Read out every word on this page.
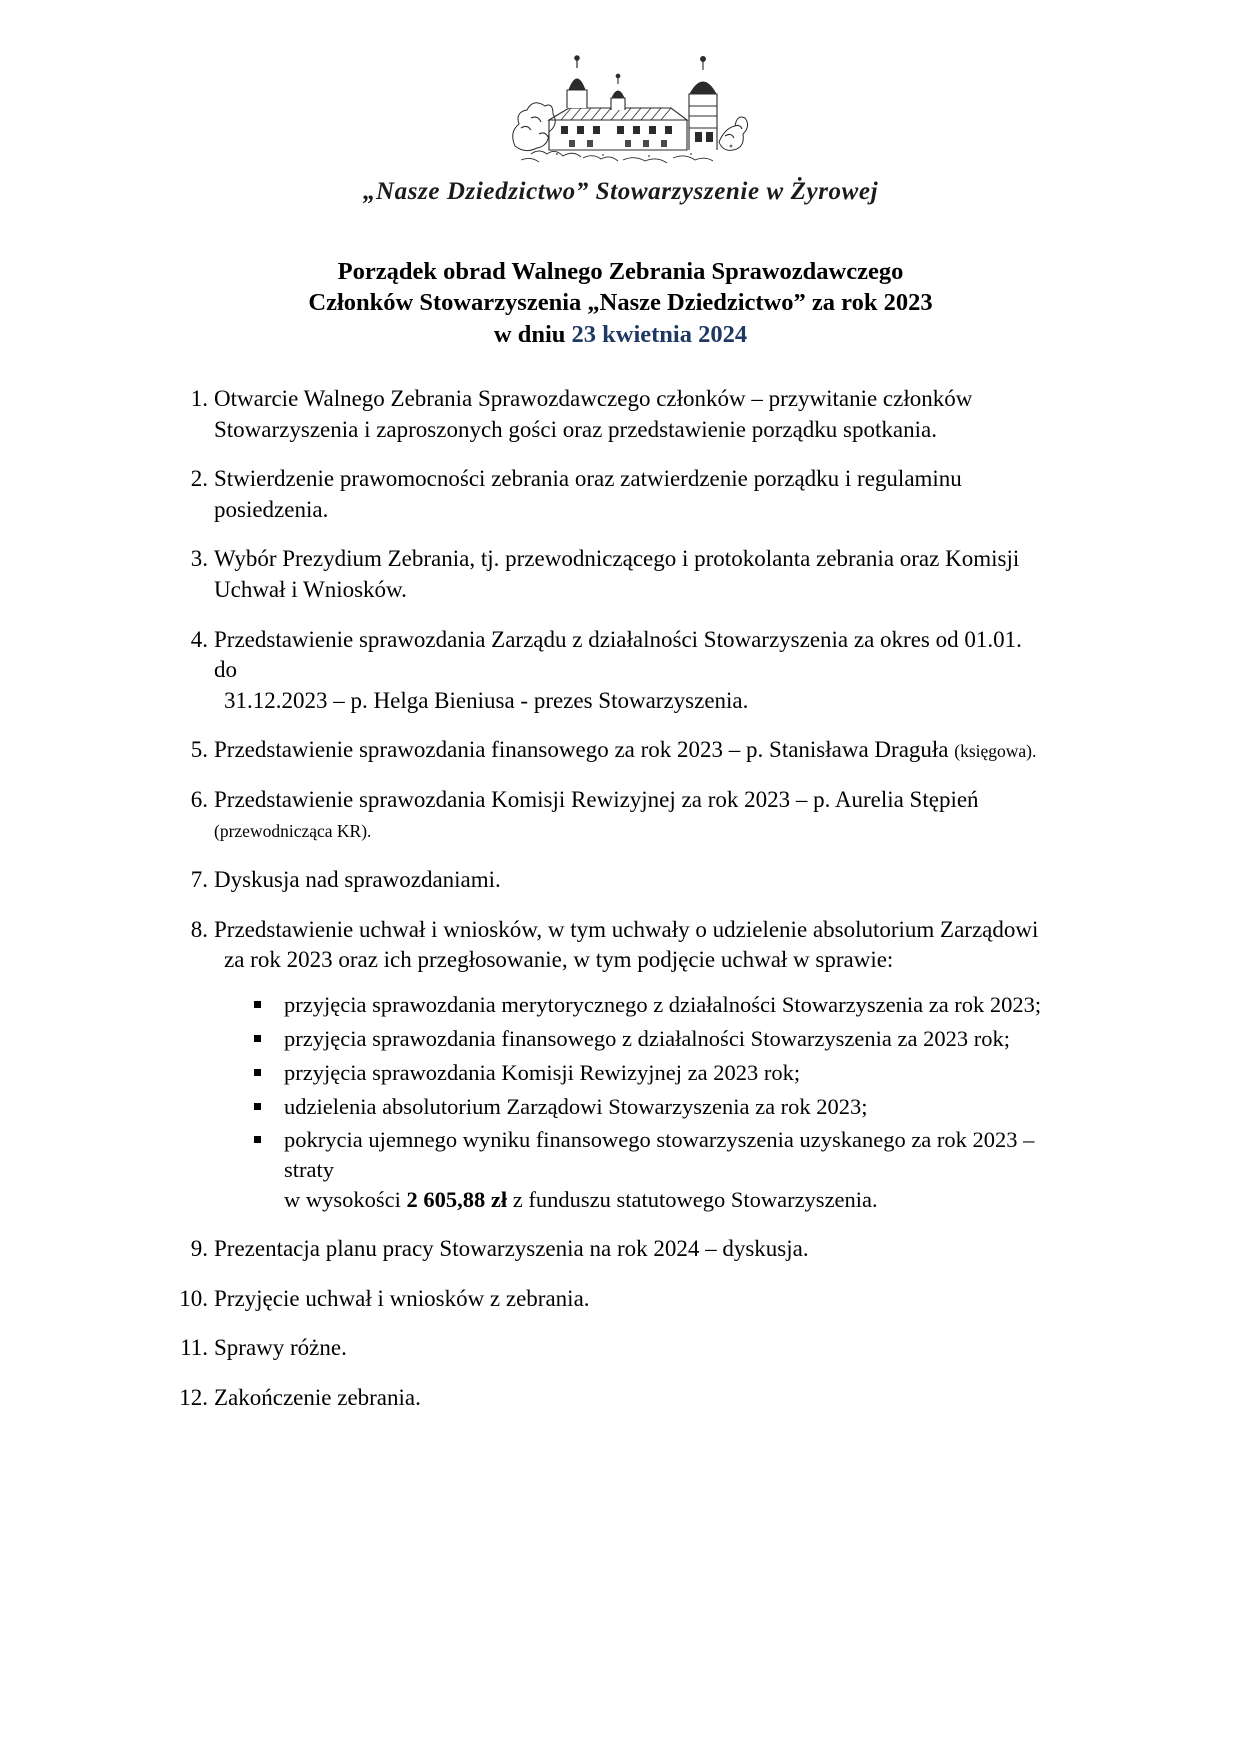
„Nasze Dziedzictwo” Stowarzyszenie w Żyrowej
Porządek obrad Walnego Zebrania Sprawozdawczego
Członków Stowarzyszenia „Nasze Dziedzictwo” za rok 2023
w dniu 23 kwietnia 2024
1. Otwarcie Walnego Zebrania Sprawozdawczego członków – przywitanie członków Stowarzyszenia i zaproszonych gości oraz przedstawienie porządku spotkania.
2. Stwierdzenie prawomocności zebrania oraz zatwierdzenie porządku i regulaminu posiedzenia.
3. Wybór Prezydium Zebrania, tj. przewodniczącego i protokolanta zebrania oraz Komisji Uchwał i Wniosków.
4. Przedstawienie sprawozdania Zarządu z działalności Stowarzyszenia za okres od 01.01. do
31.12.2023 – p. Helga Bieniusa - prezes Stowarzyszenia.
5. Przedstawienie sprawozdania finansowego za rok 2023 – p. Stanisława Draguła (księgowa).
6. Przedstawienie sprawozdania Komisji Rewizyjnej za rok 2023 – p. Aurelia Stępień (przewodnicząca KR).
7. Dyskusja nad sprawozdaniami.
8. Przedstawienie uchwał i wniosków, w tym uchwały o udzielenie absolutorium Zarządowi
za rok 2023 oraz ich przegłosowanie, w tym podjęcie uchwał w sprawie:
przyjęcia sprawozdania merytorycznego z działalności Stowarzyszenia za rok 2023;
przyjęcia sprawozdania finansowego z działalności Stowarzyszenia za 2023 rok;
przyjęcia sprawozdania Komisji Rewizyjnej za 2023 rok;
udzielenia absolutorium Zarządowi Stowarzyszenia za rok 2023;
pokrycia ujemnego wyniku finansowego stowarzyszenia uzyskanego za rok 2023 – straty
w wysokości 2 605,88 zł z funduszu statutowego Stowarzyszenia.
9. Prezentacja planu pracy Stowarzyszenia na rok 2024 – dyskusja.
10. Przyjęcie uchwał i wniosków z zebrania.
11. Sprawy różne.
12. Zakończenie zebrania.
